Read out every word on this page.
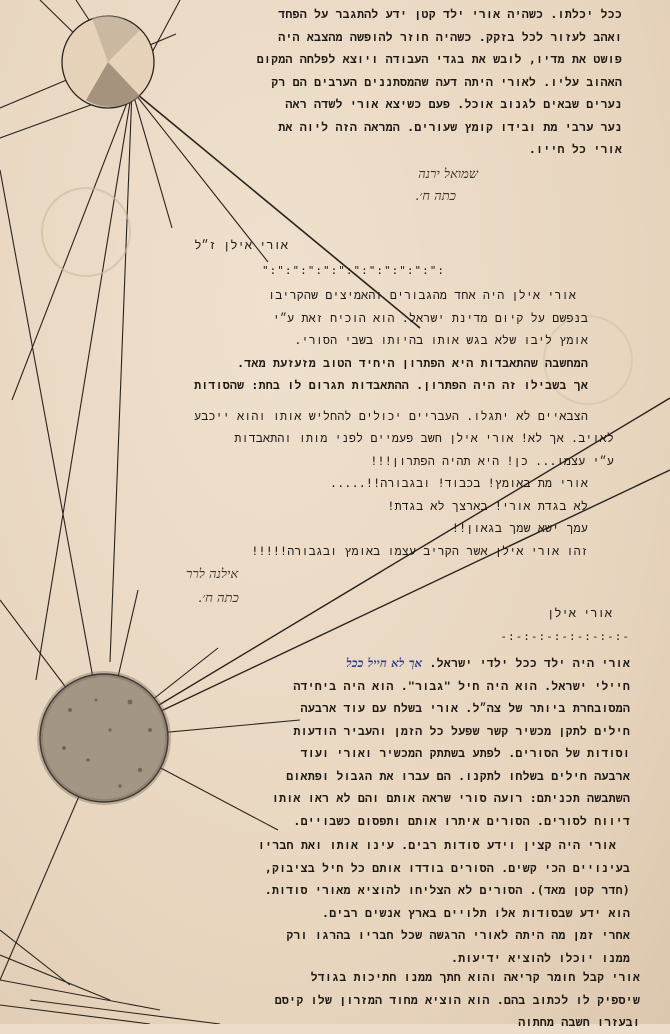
ככל יכלתו. כשהיה אורי ילד קטן ידע להתגבר על הפחד
ואהב לעזור לכל בזקק. כשהיה חוזר להופשה מהצבא היה
פושט את מדיו, לובש את בגדי העבודה ויוצא לפלחה המקום
האהוב עליו. לאורי היתה דעה שהמסתננים הערבים הם רק
נערים שבאים לגנוב אוכל. פעם כשיצא אורי לשדה ראה
נער ערבי מת ובידו קומץ שעורים. המראה הזה ליוה את
אורי כל חייו.
שמואל ירנה
כתה ח׳.
אורי אילן ז״ל
":":":":":":":":":":":":
אורי אילן היה אחד מהגבורים והאמיצים שהקריבו
בנפשם על קיום מדינת ישראל. הוא הוכיח זאת ע״י
אומץ ליבו שלא בגש אותו בהיותו בשבי הסורי.
המחשבה שהתאבדות היא הפתרון היחיד הטוב מזעזעת מאד.
אך בשבילו זה היה הפתרון. ההתאבדות תגרום לו בחת: שהסודות
הצבאיים לא יתגלו. העבריים יכולים להחליש אותו והוא ייכבע
לאויב. אך לא! אורי אילן חשב פעמיים לפני מותו והתאבדות
ע״י עצמו... כן! היא תהיה הפתרון!!!
אורי מת באומץ! בכבוד! ובגבורה!!.....
לא בגדת אורי! בארצך לא בגדת!
עמך ישא שמך בגאון!!
זהו אורי אילן אשר הקריב עצמו באומץ ובגבורה!!!!!
אילנה לרר
כתה ח׳.
אורי אילן
-:-:-:-:-:-:-:-:-
אורי היה ילד ככל ילדי ישראל. אך לא חייל ככל
חיילי ישראל. הוא היה חיל "גבור". הוא היה ביחידה
המסובחרת ביותר של צה״ל. אורי בשלח עם עוד ארבעה
חילים לתקן מכשיר קשר שפעל כל הזמן והעביר הודעות
וסודות של הסורים. לפתע בשתתק המכשיר ואורי ועוד
ארבעה חילים בשלחו לתקנו. הם עברו את הגבול ופתאום
השתבשה תכניתם: רועה סורי שראה אותם והם לא ראו אותו
דיווח לסורים. הסורים איתרו אותם ותפסום כשבויים.
אורי היה קצין וידע סודות רבים. עינו אותו ואת חבריו
בעינויים הכי קשים. הסורים בודדו אותם כל חיל בציבוק,
(חדר קטן מאד). הסורים לא הצליחו להוציא מאורי סודות.
הוא ידע שבסודות אלו תלויים בארץ אנשים רבים.
אחרי זמן מה היתה לאורי הרגשה שכל חבריו בהרגו ורק
ממנו יוכלו להוציא ידיעות.
אורי קבל חומר קריאה והוא חתך ממנו חתיכות בגודל
שיספיק לו לכתוב בהם. הוא הוציא מחוד המזרון שלו קיסם
ובעזרו חשבה מחתוה
